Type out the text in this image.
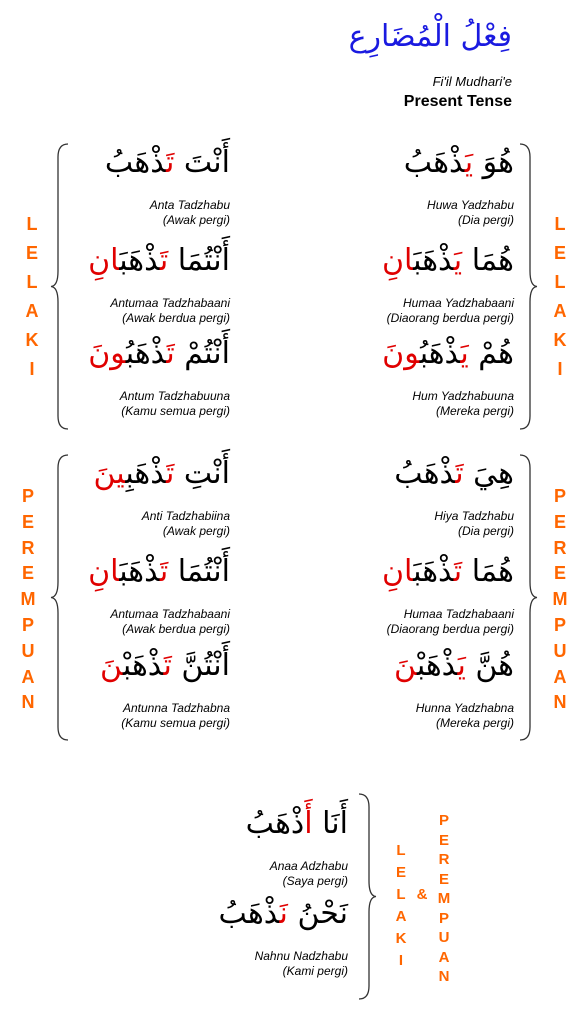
فِعْلُ الْمُضَارِع
Fi'il Mudhari'e
Present Tense
أَنْتَ تَذْهَبُ
Anta Tadzhabu
(Awak pergi)
أَنْتُمَا تَذْهَبَانِ
Antumaa Tadzhabaani
(Awak berdua pergi)
أَنْتُمْ تَذْهَبُونَ
Antum Tadzhabuuna
(Kamu semua pergi)
هُوَ يَذْهَبُ
Huwa Yadzhabu
(Dia pergi)
هُمَا يَذْهَبَانِ
Humaa Yadzhabaani
(Diaorang berdua pergi)
هُمْ يَذْهَبُونَ
Hum Yadzhabuuna
(Mereka pergi)
أَنْتِ تَذْهَبِينَ
Anti Tadzhabiina
(Awak pergi)
أَنْتُمَا تَذْهَبَانِ
Antumaa Tadzhabaani
(Awak berdua pergi)
أَنْتُنَّ تَذْهَبْنَ
Antunna Tadzhabna
(Kamu semua pergi)
هِيَ تَذْهَبُ
Hiya Tadzhabu
(Dia pergi)
هُمَا تَذْهَبَانِ
Humaa Tadzhabaani
(Diaorang berdua pergi)
هُنَّ يَذْهَبْنَ
Hunna Yadzhabna
(Mereka pergi)
أَنَا أَذْهَبُ
Anaa Adzhabu
(Saya pergi)
نَحْنُ نَذْهَبُ
Nahnu Nadzhabu
(Kami pergi)
L
E
L
A
K
I
L
E
L
A
K
I
P
E
R
E
M
P
U
A
N
P
E
R
E
M
P
U
A
N
L
E
L
A
K
I
&
P
E
R
E
M
P
U
A
N
